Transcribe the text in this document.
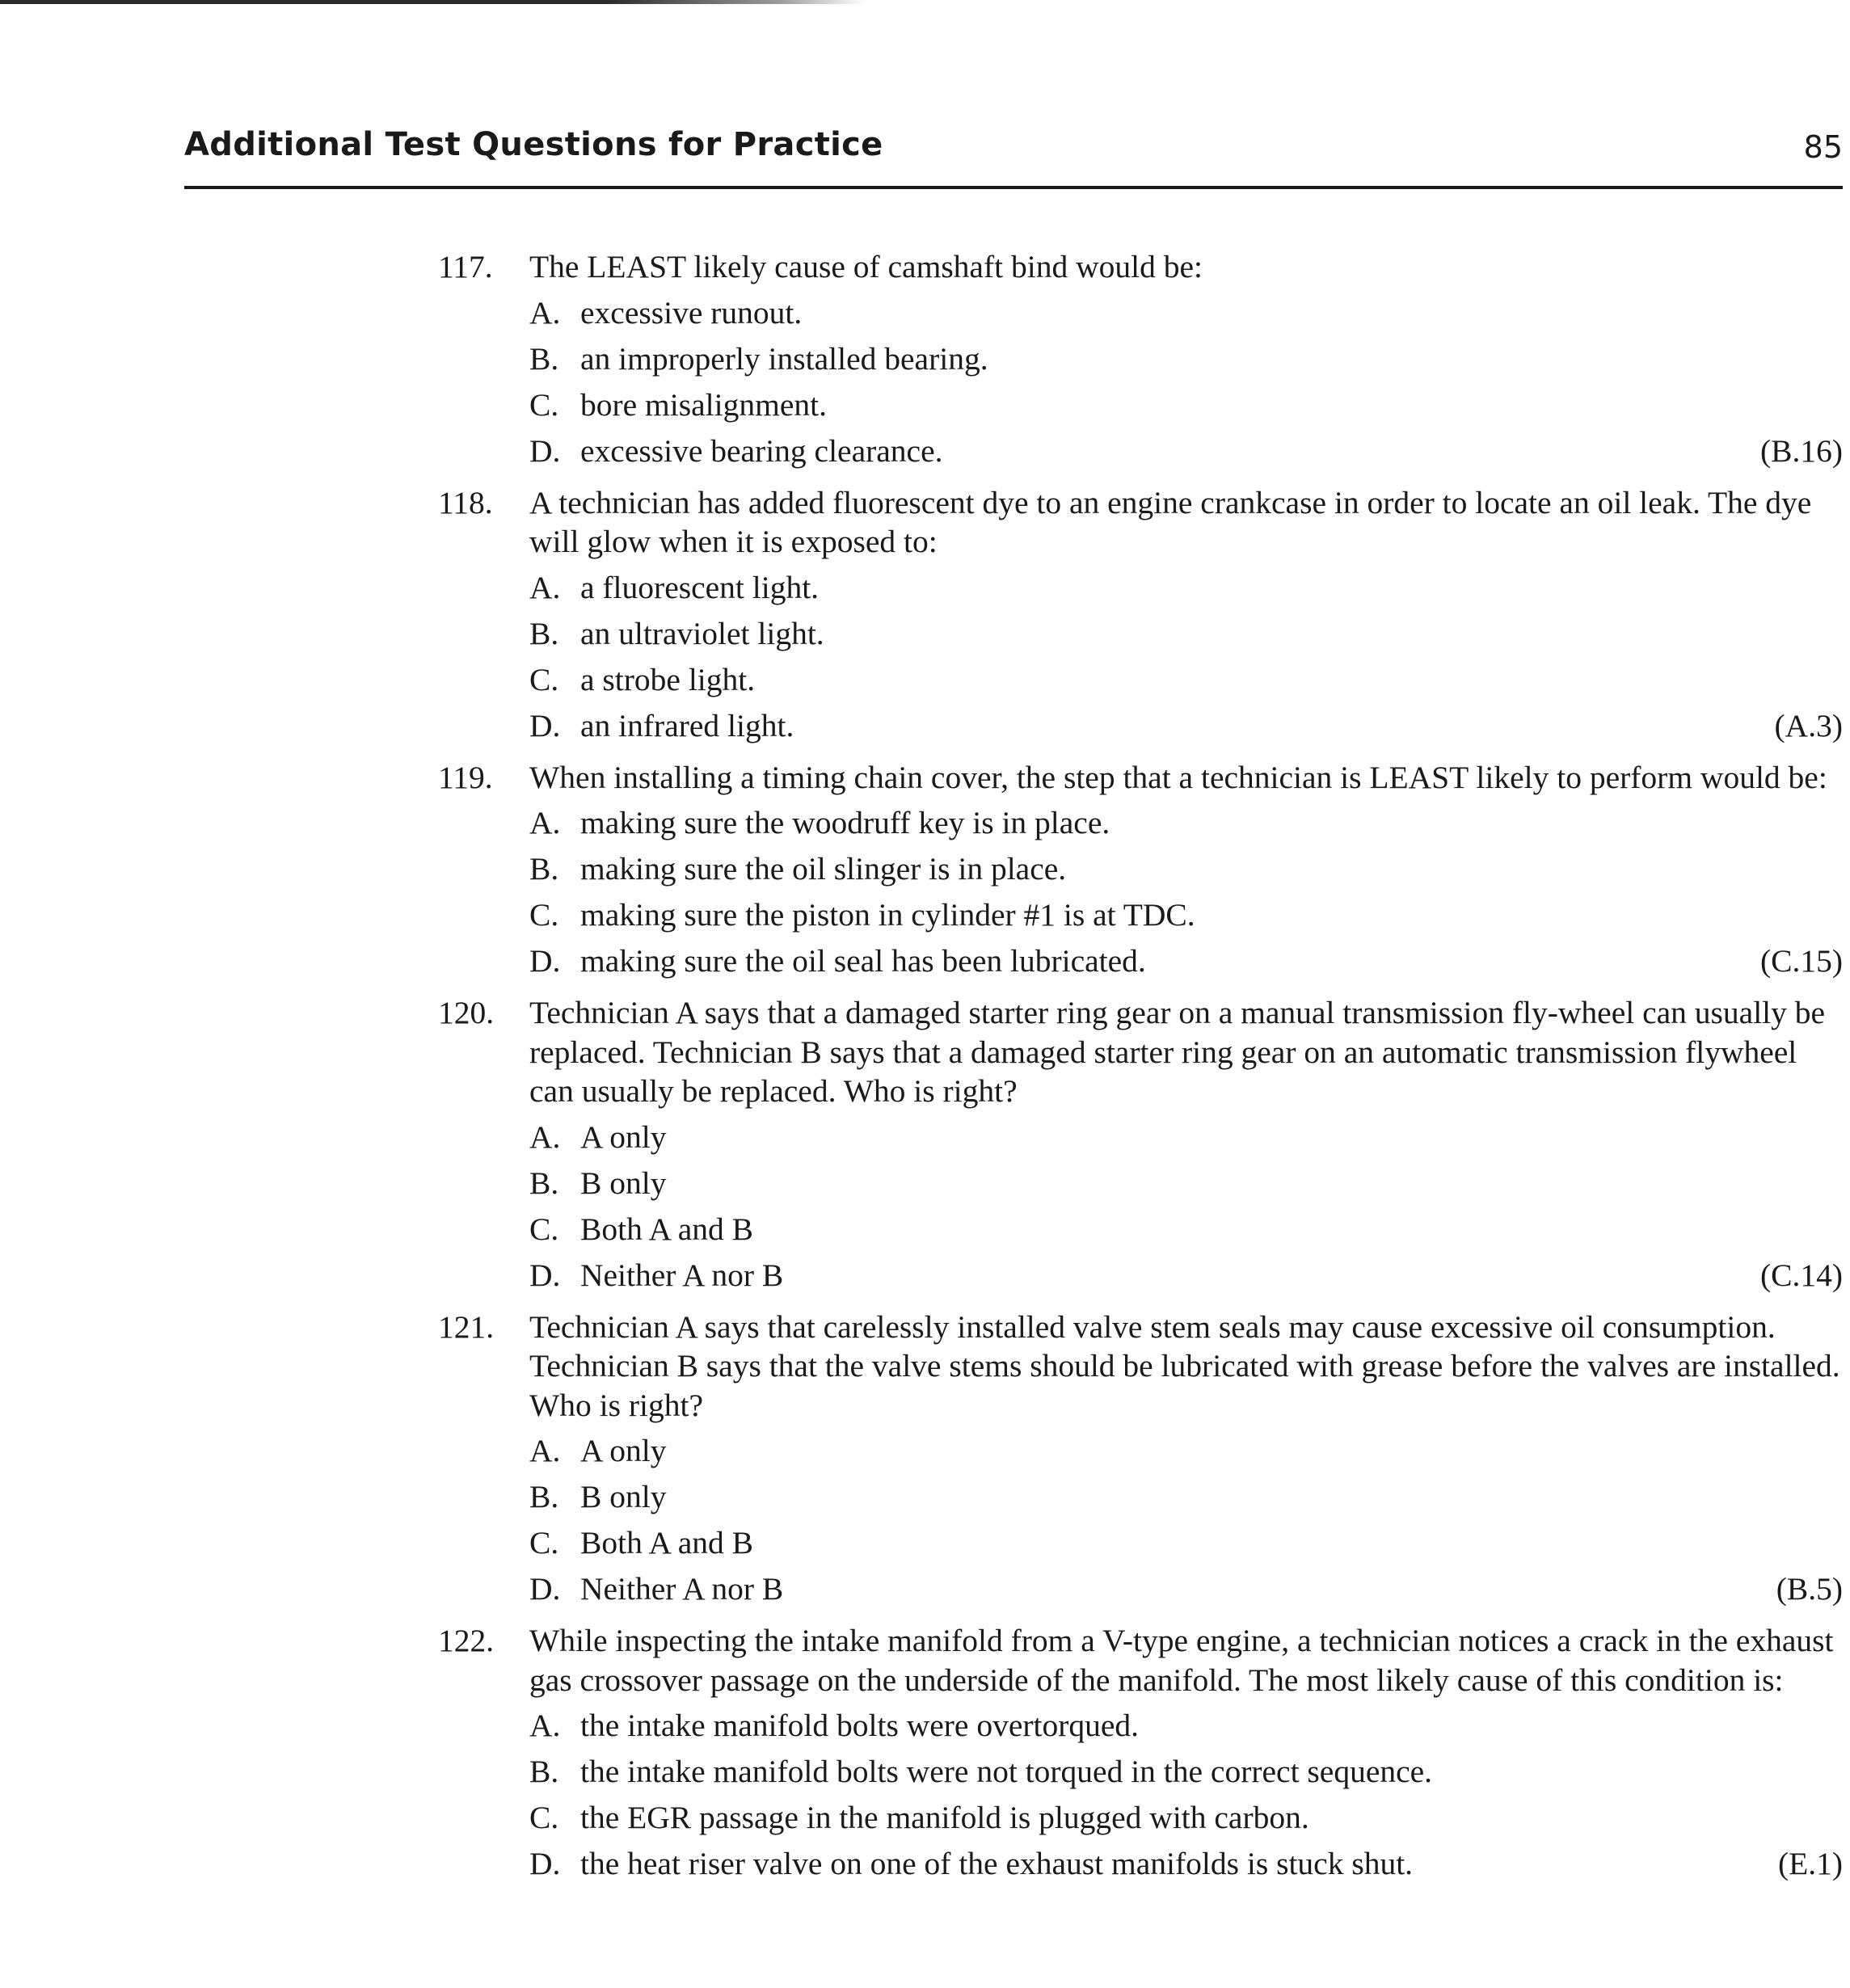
Additional Test Questions for Practice	85
117. The LEAST likely cause of camshaft bind would be:
A. excessive runout.
B. an improperly installed bearing.
C. bore misalignment.
D. excessive bearing clearance.	(B.16)
118. A technician has added fluorescent dye to an engine crankcase in order to locate an oil leak. The dye will glow when it is exposed to:
A. a fluorescent light.
B. an ultraviolet light.
C. a strobe light.
D. an infrared light.	(A.3)
119. When installing a timing chain cover, the step that a technician is LEAST likely to perform would be:
A. making sure the woodruff key is in place.
B. making sure the oil slinger is in place.
C. making sure the piston in cylinder #1 is at TDC.
D. making sure the oil seal has been lubricated.	(C.15)
120. Technician A says that a damaged starter ring gear on a manual transmission fly-wheel can usually be replaced. Technician B says that a damaged starter ring gear on an automatic transmission flywheel can usually be replaced. Who is right?
A. A only
B. B only
C. Both A and B
D. Neither A nor B	(C.14)
121. Technician A says that carelessly installed valve stem seals may cause excessive oil consumption. Technician B says that the valve stems should be lubricated with grease before the valves are installed. Who is right?
A. A only
B. B only
C. Both A and B
D. Neither A nor B	(B.5)
122. While inspecting the intake manifold from a V-type engine, a technician notices a crack in the exhaust gas crossover passage on the underside of the manifold. The most likely cause of this condition is:
A. the intake manifold bolts were overtorqued.
B. the intake manifold bolts were not torqued in the correct sequence.
C. the EGR passage in the manifold is plugged with carbon.
D. the heat riser valve on one of the exhaust manifolds is stuck shut.	(E.1)
